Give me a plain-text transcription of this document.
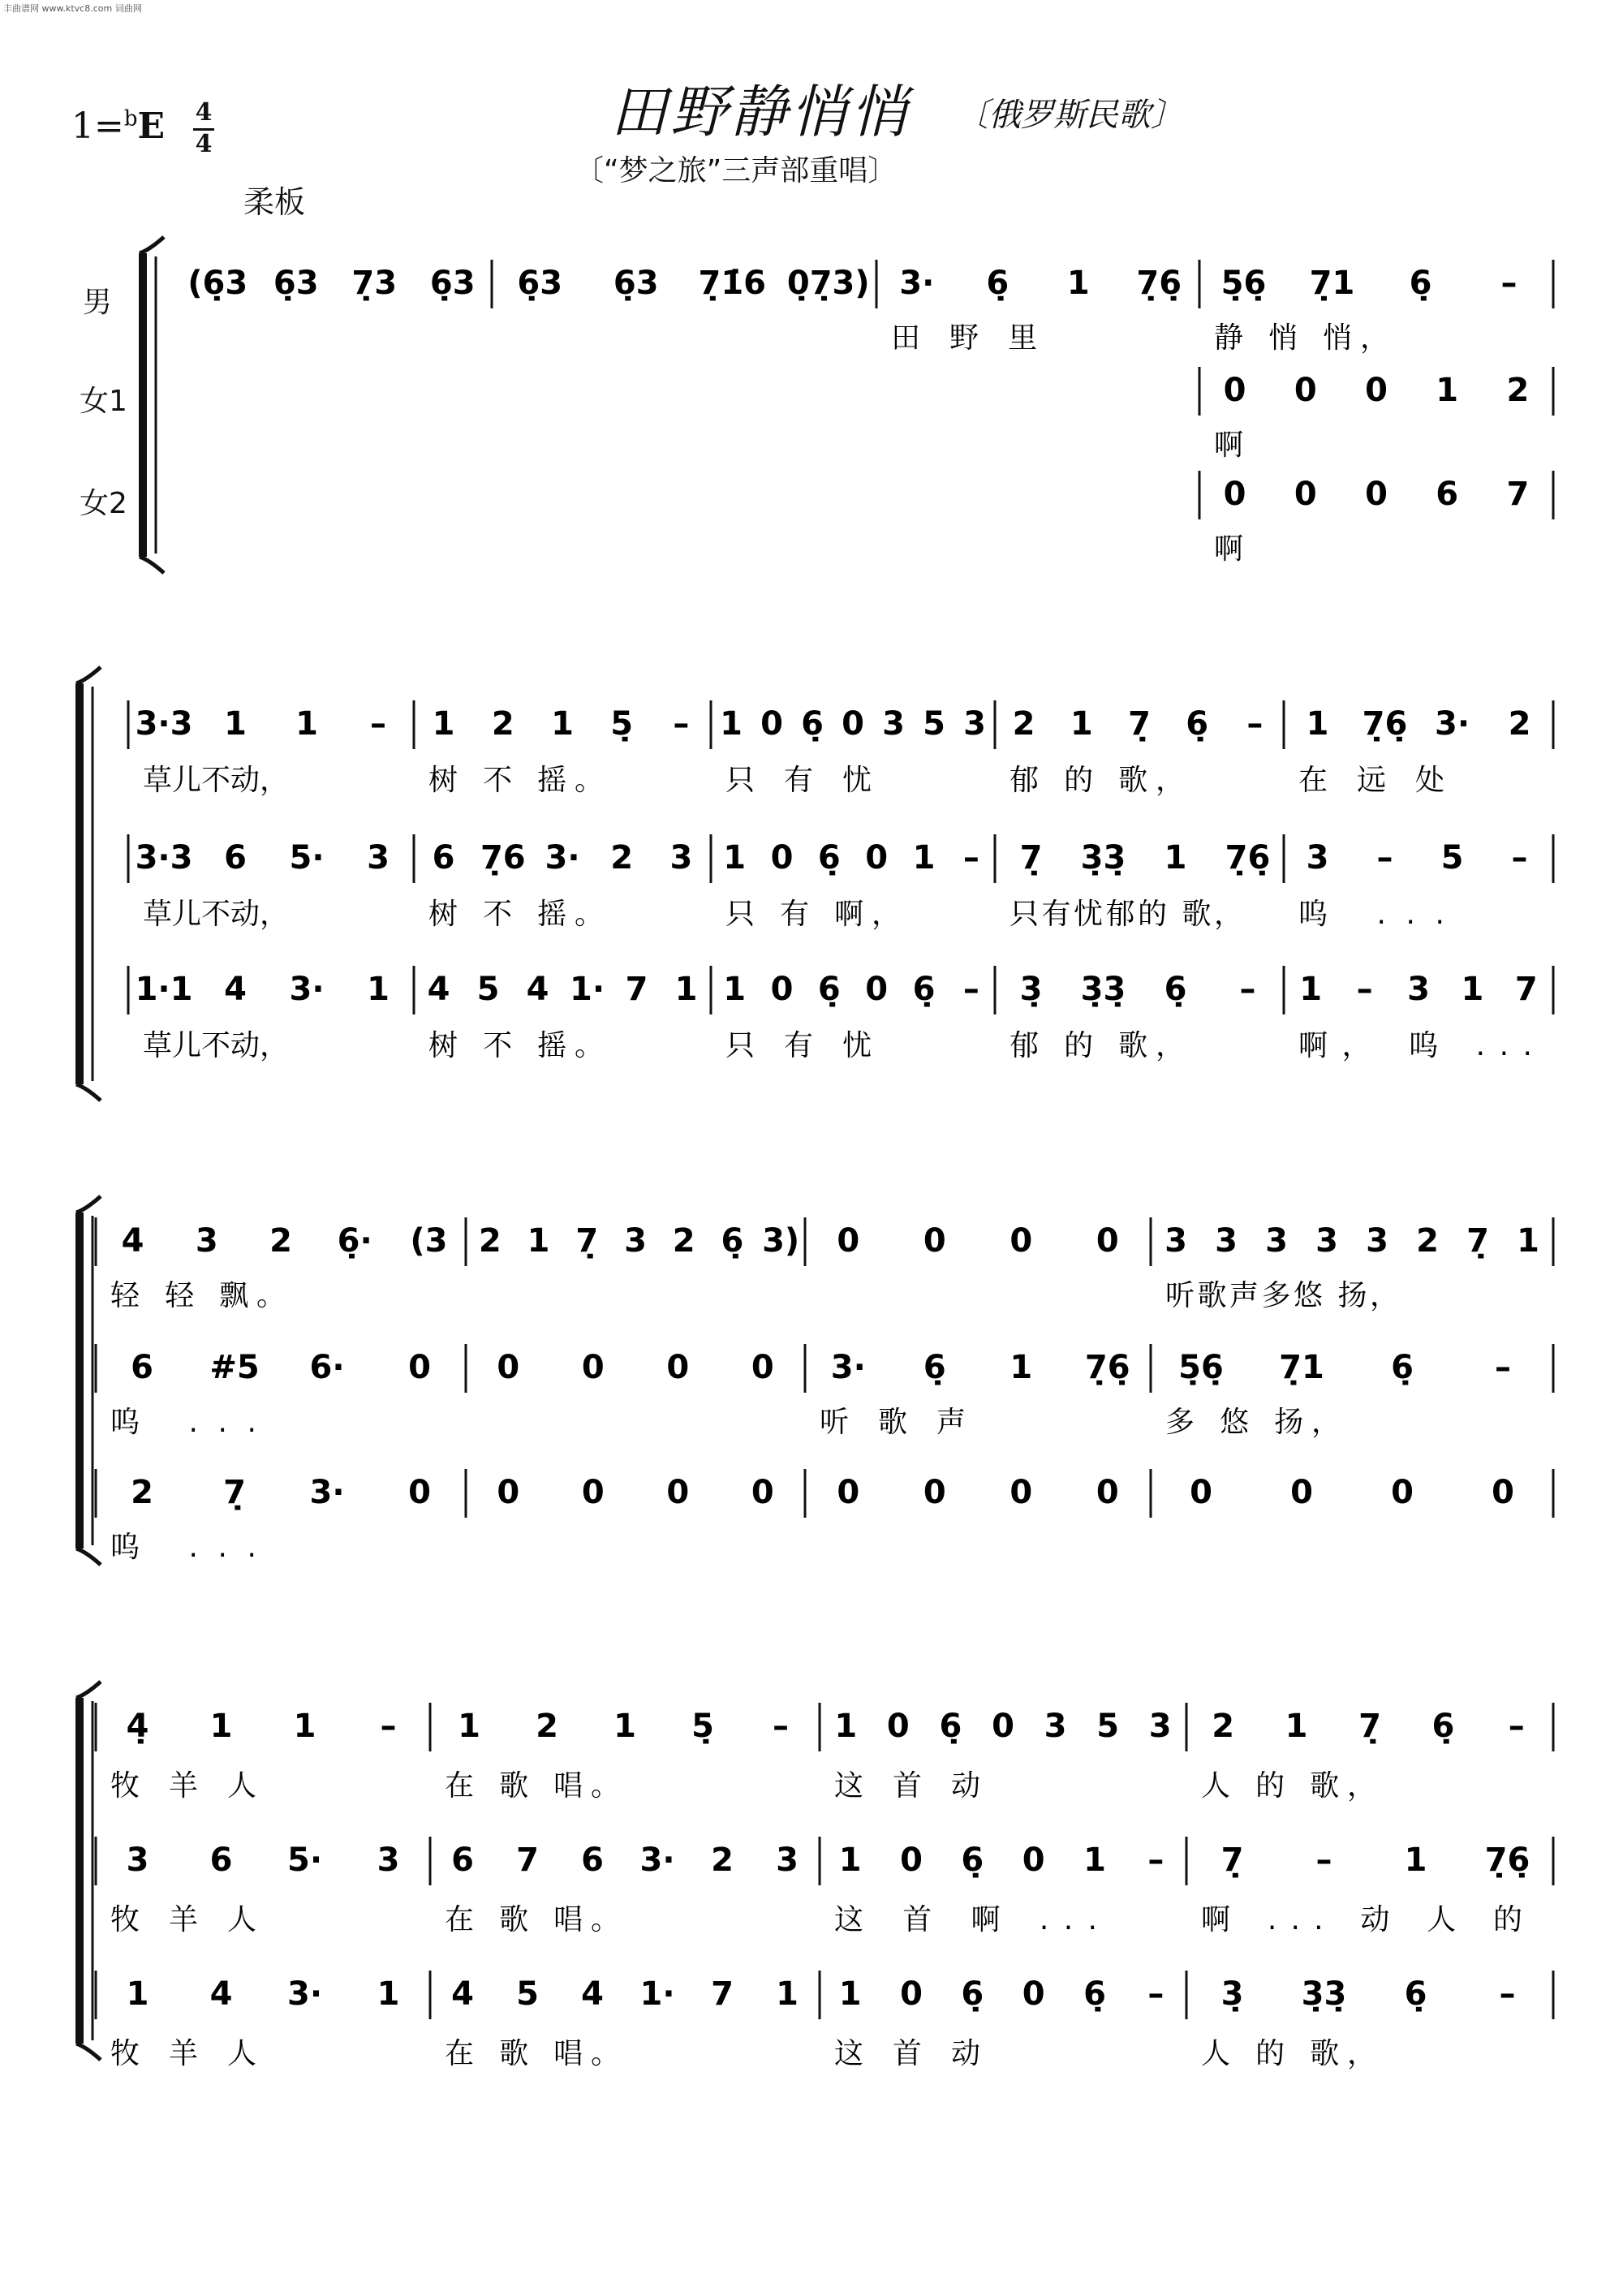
丰曲谱网 www.ktvc8.com 词曲网
1=$^b$E 4
4	田野静悄悄 〔俄罗斯民歌〕
〔“梦之旅”三声部重唱〕
柔板
男
女1
女2
(6̣3 6̣3 7̣3 6̣3 6̣3 6̣3 7̣1̇6 0̣7̣3) 3· 6̣ 1 7̣6̣
田 野 里
5̣6̣ 7̣1 6̣ –
静 悄 悄，
0 0 0 1 2
啊
0 0 0 6 7
啊
3·3 1 1 –
草儿不动，
1 2 1 5̣ –
树 不 摇。
1 0 6̣ 0 3 5 3
只 有 忧
2 1 7̣ 6̣ –
郁 的 歌，
1 7̣6̣ 3· 2
在 远 处
3·3 6 5· 3
草儿不动，
6 7̣6 3· 2 3
树 不 摇。
1 0 6̣ 0 1 –
只 有 啊，
7̣ 3̣3̣ 1 7̣6̣
只有忧郁的 歌，
3 – 5 –
呜 ...
1·1 4 3· 1
草儿不动，
4 5 4 1· 7 1
树 不 摇。
1 0 6̣ 0 6̣ –
只 有 忧
3̣ 3̣3̣ 6̣ –
郁 的 歌，
1 – 3 1 7
啊， 呜 ...
4 3 2 6̣· (3
轻 轻 飘。
2 1 7̣ 3 2 6̣ 3) 0 0 0 0 3 3 3 3 3 2 7̣ 1
听歌声多悠 扬，
6 #5 6· 0
呜 ...
0 0 0 0 3· 6̣ 1 7̣6̣
听 歌 声
5̣6̣ 7̣1 6̣	–
多 悠 扬，
2 7̣ 3· 0
呜 ...
0 0 0 0 0 0 0 0 0 0 0 0
4̣ 1 1 –
牧 羊 人
1 2 1 5̣ –
在 歌 唱。
1 0 6̣ 0 3 5 3
这 首 动
2 1 7̣ 6̣ –
人 的 歌，
3 6 5· 3
牧 羊 人
6 7 6 3· 2 3
在 歌 唱。
1 0 6̣ 0 1 –
这 首 啊 ...
7̣ – 1 7̣6̣
啊 ... 动 人 的
1 4 3· 1
牧 羊 人
4 5 4 1· 7 1
在 歌 唱。
1 0 6̣ 0 6̣ –
这 首 动
3̣ 3̣3̣ 6̣ –
人 的 歌，
